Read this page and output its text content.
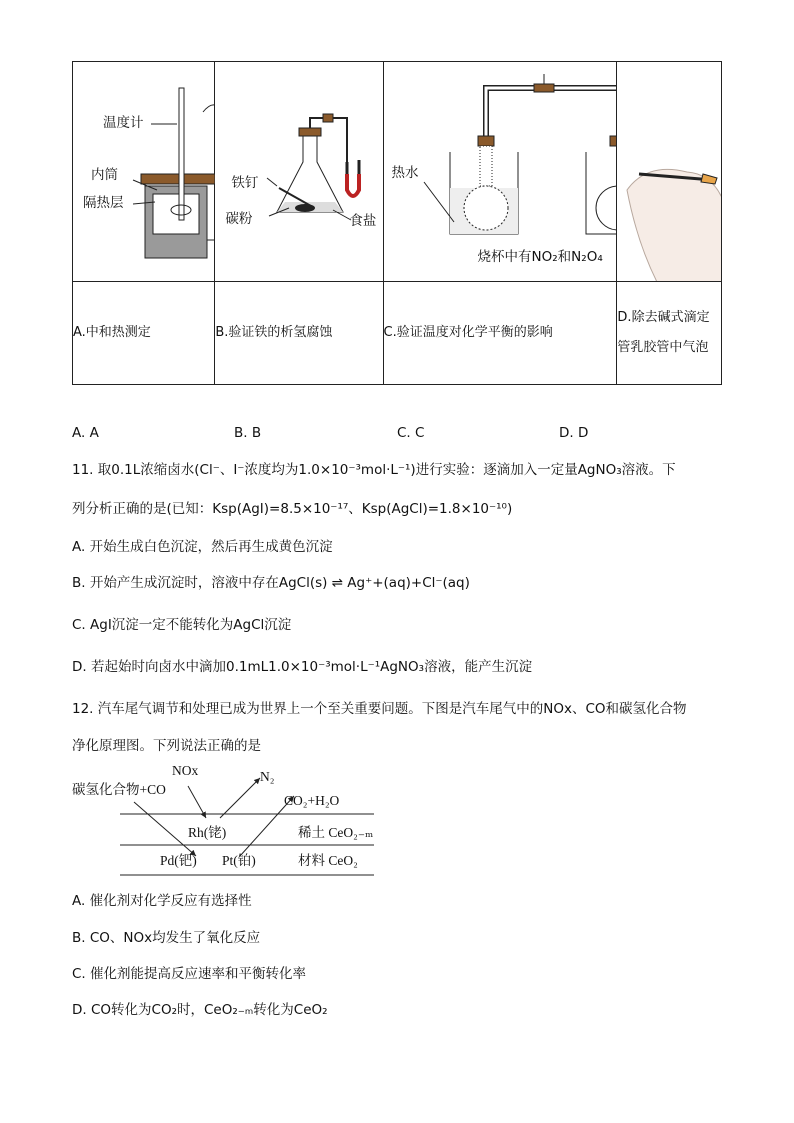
温度计
内筒
隔热层	铁钉
碳粉 食盐	热水
烧杯中有NO₂和N₂O₄

A.中和热测定	B.验证铁的析氢腐蚀	C.验证温度对化学平衡的影响	D.除去碱式滴定管乳胶管中气泡
A. A	B. B	C. C	D. D
11. 取0.1L浓缩卤水(Cl⁻、I⁻浓度均为1.0×10⁻³mol·L⁻¹)进行实验：逐滴加入一定量AgNO₃溶液。下
列分析正确的是(已知：Ksp(AgI)=8.5×10⁻¹⁷、Ksp(AgCl)=1.8×10⁻¹⁰)
A. 开始生成白色沉淀，然后再生成黄色沉淀
B. 开始产生成沉淀时，溶液中存在AgCl(s) ⇌ Ag⁺+(aq)+Cl⁻(aq)
C. AgI沉淀一定不能转化为AgCl沉淀
D. 若起始时向卤水中滴加0.1mL1.0×10⁻³mol·L⁻¹AgNO₃溶液，能产生沉淀
12. 汽车尾气调节和处理已成为世界上一个至关重要问题。下图是汽车尾气中的NOx、CO和碳氢化合物
净化原理图。下列说法正确的是
NOx	N₂
碳氢化合物+CO
CO₂+H₂O
Rh(铑)	稀土 CeO₂₋ₘ
Pd(钯) Pt(铂)	材料 CeO₂
A. 催化剂对化学反应有选择性
B. CO、NOx均发生了氧化反应
C. 催化剂能提高反应速率和平衡转化率
D. CO转化为CO₂时，CeO₂₋ₘ转化为CeO₂
